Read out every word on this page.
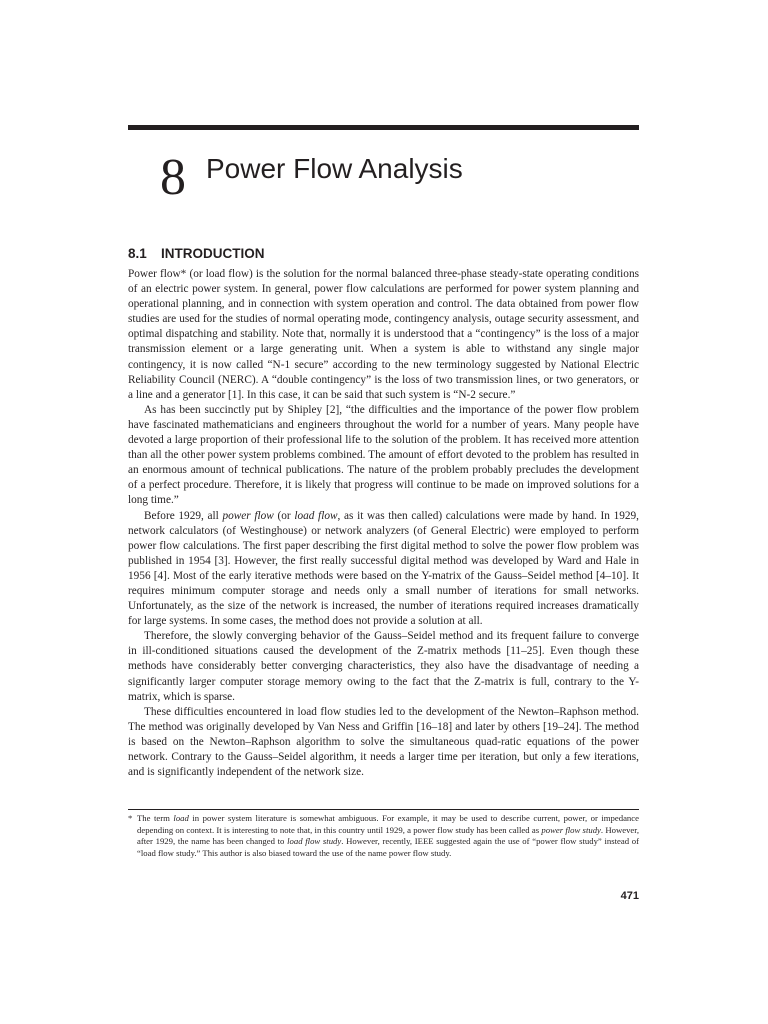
8 Power Flow Analysis
8.1 INTRODUCTION

Power flow* (or load flow) is the solution for the normal balanced three-phase steady-state operating conditions of an electric power system. In general, power flow calculations are performed for power system planning and operational planning, and in connection with system operation and control. The data obtained from power flow studies are used for the studies of normal operating mode, contingency analysis, outage security assessment, and optimal dispatching and stability. Note that, normally it is understood that a “contingency” is the loss of a major transmission element or a large generating unit. When a system is able to withstand any single major contingency, it is now called “N-1 secure” according to the new terminology suggested by National Electric Reliability Council (NERC). A “double contingency” is the loss of two transmission lines, or two generators, or a line and a generator [1]. In this case, it can be said that such system is “N-2 secure.”

As has been succinctly put by Shipley [2], “the difficulties and the importance of the power flow problem have fascinated mathematicians and engineers throughout the world for a number of years. Many people have devoted a large proportion of their professional life to the solution of the problem. It has received more attention than all the other power system problems combined. The amount of effort devoted to the problem has resulted in an enormous amount of technical publications. The nature of the problem probably precludes the development of a perfect procedure. Therefore, it is likely that progress will continue to be made on improved solutions for a long time.”

Before 1929, all power flow (or load flow, as it was then called) calculations were made by hand. In 1929, network calculators (of Westinghouse) or network analyzers (of General Electric) were employed to perform power flow calculations. The first paper describing the first digital method to solve the power flow problem was published in 1954 [3]. However, the first really successful digital method was developed by Ward and Hale in 1956 [4]. Most of the early iterative methods were based on the Y-matrix of the Gauss–Seidel method [4–10]. It requires minimum computer storage and needs only a small number of iterations for small networks. Unfortunately, as the size of the network is increased, the number of iterations required increases dramatically for large systems. In some cases, the method does not provide a solution at all.

Therefore, the slowly converging behavior of the Gauss–Seidel method and its frequent failure to converge in ill-conditioned situations caused the development of the Z-matrix methods [11–25]. Even though these methods have considerably better converging characteristics, they also have the disadvantage of needing a significantly larger computer storage memory owing to the fact that the Z-matrix is full, contrary to the Y-matrix, which is sparse.

These difficulties encountered in load flow studies led to the development of the Newton–Raphson method. The method was originally developed by Van Ness and Griffin [16–18] and later by others [19–24]. The method is based on the Newton–Raphson algorithm to solve the simultaneous quad-ratic equations of the power network. Contrary to the Gauss–Seidel algorithm, it needs a larger time per iteration, but only a few iterations, and is significantly independent of the network size.

* The term load in power system literature is somewhat ambiguous. For example, it may be used to describe current, power, or impedance depending on context. It is interesting to note that, in this country until 1929, a power flow study has been called as power flow study. However, after 1929, the name has been changed to load flow study. However, recently, IEEE suggested again the use of “power flow study” instead of “load flow study.” This author is also biased toward the use of the name power flow study.
471
